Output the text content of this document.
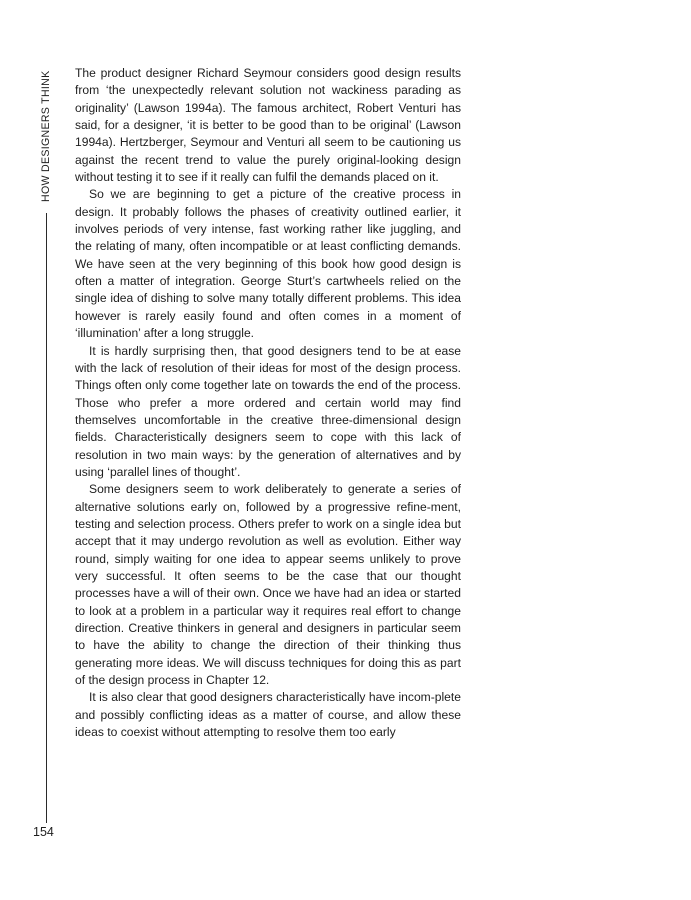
HOW DESIGNERS THINK
154

The product designer Richard Seymour considers good design results from ‘the unexpectedly relevant solution not wackiness parading as originality’ (Lawson 1994a). The famous architect, Robert Venturi has said, for a designer, ‘it is better to be good than to be original’ (Lawson 1994a). Hertzberger, Seymour and Venturi all seem to be cautioning us against the recent trend to value the purely original-looking design without testing it to see if it really can fulfil the demands placed on it.

So we are beginning to get a picture of the creative process in design. It probably follows the phases of creativity outlined earlier, it involves periods of very intense, fast working rather like juggling, and the relating of many, often incompatible or at least conflicting demands. We have seen at the very beginning of this book how good design is often a matter of integration. George Sturt’s cartwheels relied on the single idea of dishing to solve many totally different problems. This idea however is rarely easily found and often comes in a moment of ‘illumination’ after a long struggle.

It is hardly surprising then, that good designers tend to be at ease with the lack of resolution of their ideas for most of the design process. Things often only come together late on towards the end of the process. Those who prefer a more ordered and certain world may find themselves uncomfortable in the creative three-dimensional design fields. Characteristically designers seem to cope with this lack of resolution in two main ways: by the generation of alternatives and by using ‘parallel lines of thought’.

Some designers seem to work deliberately to generate a series of alternative solutions early on, followed by a progressive refine-ment, testing and selection process. Others prefer to work on a single idea but accept that it may undergo revolution as well as evolution. Either way round, simply waiting for one idea to appear seems unlikely to prove very successful. It often seems to be the case that our thought processes have a will of their own. Once we have had an idea or started to look at a problem in a particular way it requires real effort to change direction. Creative thinkers in general and designers in particular seem to have the ability to change the direction of their thinking thus generating more ideas. We will discuss techniques for doing this as part of the design process in Chapter 12.

It is also clear that good designers characteristically have incom-plete and possibly conflicting ideas as a matter of course, and allow these ideas to coexist without attempting to resolve them too early
